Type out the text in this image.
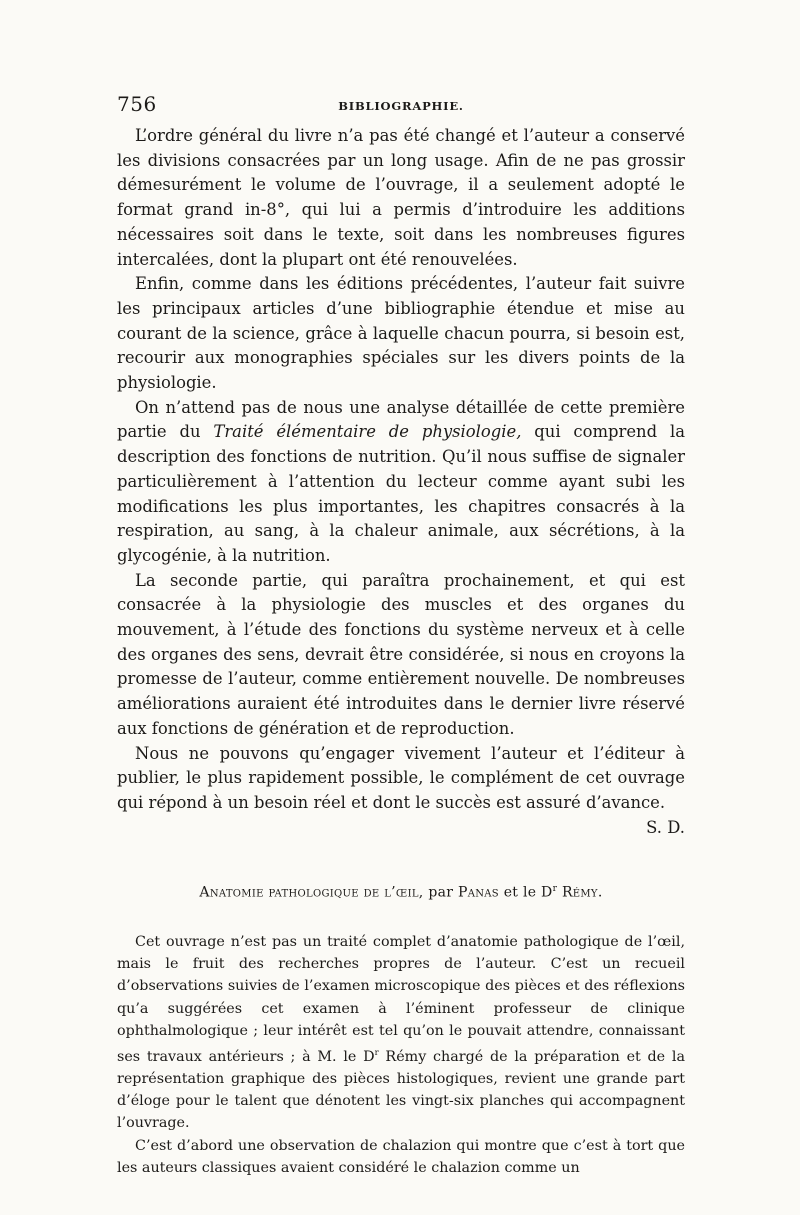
756	BIBLIOGRAPHIE.

L’ordre général du livre n’a pas été changé et l’auteur a conservé les divisions consacrées par un long usage. Afin de ne pas grossir démesurément le volume de l’ouvrage, il a seulement adopté le format grand in-8°, qui lui a permis d’introduire les additions nécessaires soit dans le texte, soit dans les nombreuses figures intercalées, dont la plupart ont été renouvelées.

Enfin, comme dans les éditions précédentes, l’auteur fait suivre les principaux articles d’une bibliographie étendue et mise au courant de la science, grâce à laquelle chacun pourra, si besoin est, recourir aux monographies spéciales sur les divers points de la physiologie.

On n’attend pas de nous une analyse détaillée de cette première partie du Traité élémentaire de physiologie, qui comprend la description des fonctions de nutrition. Qu’il nous suffise de signaler particulièrement à l’attention du lecteur comme ayant subi les modifications les plus importantes, les chapitres consacrés à la respiration, au sang, à la chaleur animale, aux sécrétions, à la glycogénie, à la nutrition.

La seconde partie, qui paraîtra prochainement, et qui est consacrée à la physiologie des muscles et des organes du mouvement, à l’étude des fonctions du système nerveux et à celle des organes des sens, devrait être considérée, si nous en croyons la promesse de l’auteur, comme entièrement nouvelle. De nombreuses améliorations auraient été introduites dans le dernier livre réservé aux fonctions de génération et de reproduction.

Nous ne pouvons qu’engager vivement l’auteur et l’éditeur à publier, le plus rapidement possible, le complément de cet ouvrage qui répond à un besoin réel et dont le succès est assuré d’avance.
S. D.

Anatomie pathologique de l’œil, par Panas et le $D^r$ Rémy.

Cet ouvrage n’est pas un traité complet d’anatomie pathologique de l’œil, mais le fruit des recherches propres de l’auteur. C’est un recueil d’observations suivies de l’examen microscopique des pièces et des réflexions qu’a suggérées cet examen à l’éminent professeur de clinique ophthalmologique ; leur intérêt est tel qu’on le pouvait attendre, connaissant ses travaux antérieurs ; à M. le $D^r$ Rémy chargé de la préparation et de la représentation graphique des pièces histologiques, revient une grande part d’éloge pour le talent que dénotent les vingt-six planches qui accompagnent l’ouvrage.

C’est d’abord une observation de chalazion qui montre que c’est à tort que les auteurs classiques avaient considéré le chalazion comme un
